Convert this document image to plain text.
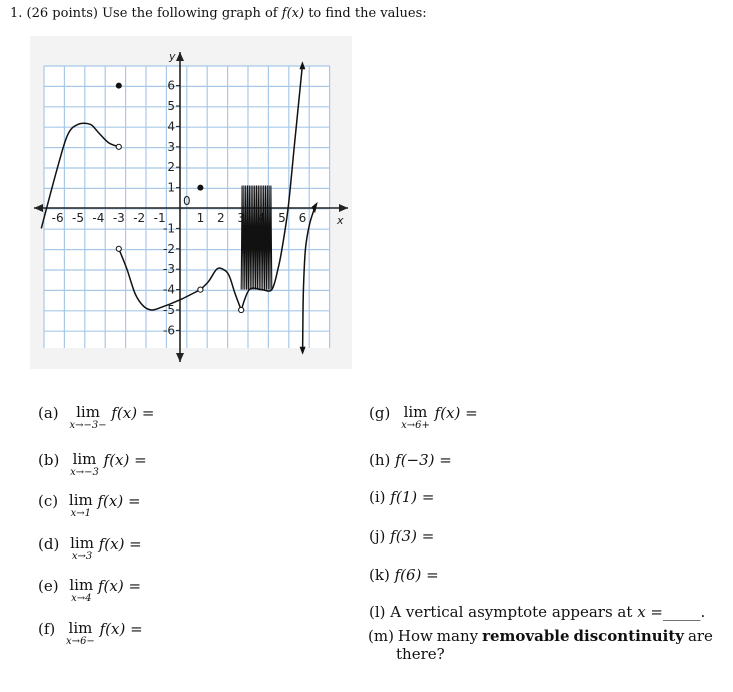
1. (26 points) Use the following graph of f(x) to find the values:
x
y
-6 -5 -4 -3 -2 -1	1 2 3 4 5 6
6
5
4
3
2
1
-1
-2
-3
-4
-5
-6
0
(a)	lim
x→−3−
f(x) =
(b) lim
x→−3
f(x) =
(c) lim
x→1
f(x) =
(d) lim
x→3
f(x) =
(e) lim
x→4
f(x) =
(f) lim
x→6−
f(x) =
(g) lim
x→6+
f(x) =
(h) f(−3) =
(i) f(1) =
(j) f(3) =
(k) f(6) =
(l) A vertical asymptote appears at x =_____.
(m) How many removable discontinuity are
there?
